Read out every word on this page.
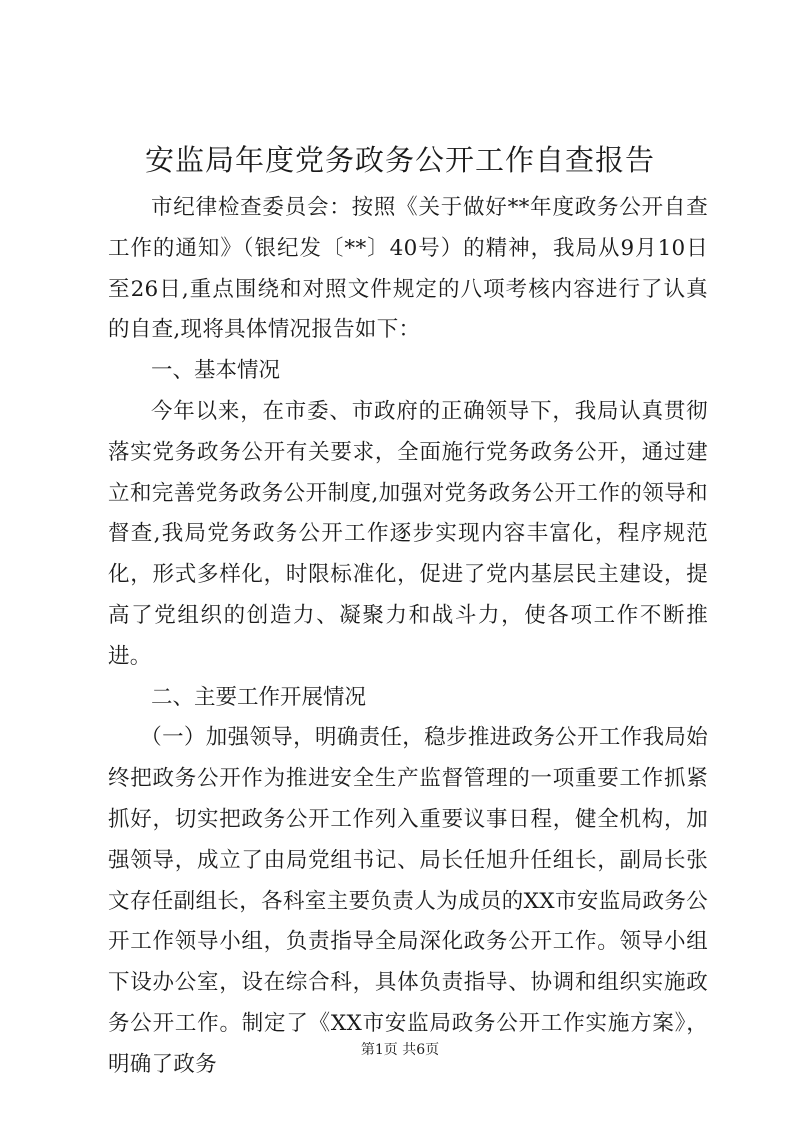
安监局年度党务政务公开工作自查报告

市纪律检查委员会：按照《关于做好**年度政务公开自查工作的通知》（银纪发〔**〕40号）的精神，我局从9月10日至26日,重点围绕和对照文件规定的八项考核内容进行了认真的自查,现将具体情况报告如下：

一、基本情况

今年以来，在市委、市政府的正确领导下，我局认真贯彻落实党务政务公开有关要求，全面施行党务政务公开，通过建立和完善党务政务公开制度,加强对党务政务公开工作的领导和督查,我局党务政务公开工作逐步实现内容丰富化，程序规范化，形式多样化，时限标准化，促进了党内基层民主建设，提高了党组织的创造力、凝聚力和战斗力，使各项工作不断推进。

二、主要工作开展情况

（一）加强领导，明确责任，稳步推进政务公开工作我局始终把政务公开作为推进安全生产监督管理的一项重要工作抓紧抓好，切实把政务公开工作列入重要议事日程，健全机构，加强领导，成立了由局党组书记、局长任旭升任组长，副局长张文存任副组长，各科室主要负责人为成员的XX市安监局政务公开工作领导小组，负责指导全局深化政务公开工作。领导小组下设办公室，设在综合科，具体负责指导、协调和组织实施政务公开工作。制定了《XX市安监局政务公开工作实施方案》，明确了政务

第1页 共6页
